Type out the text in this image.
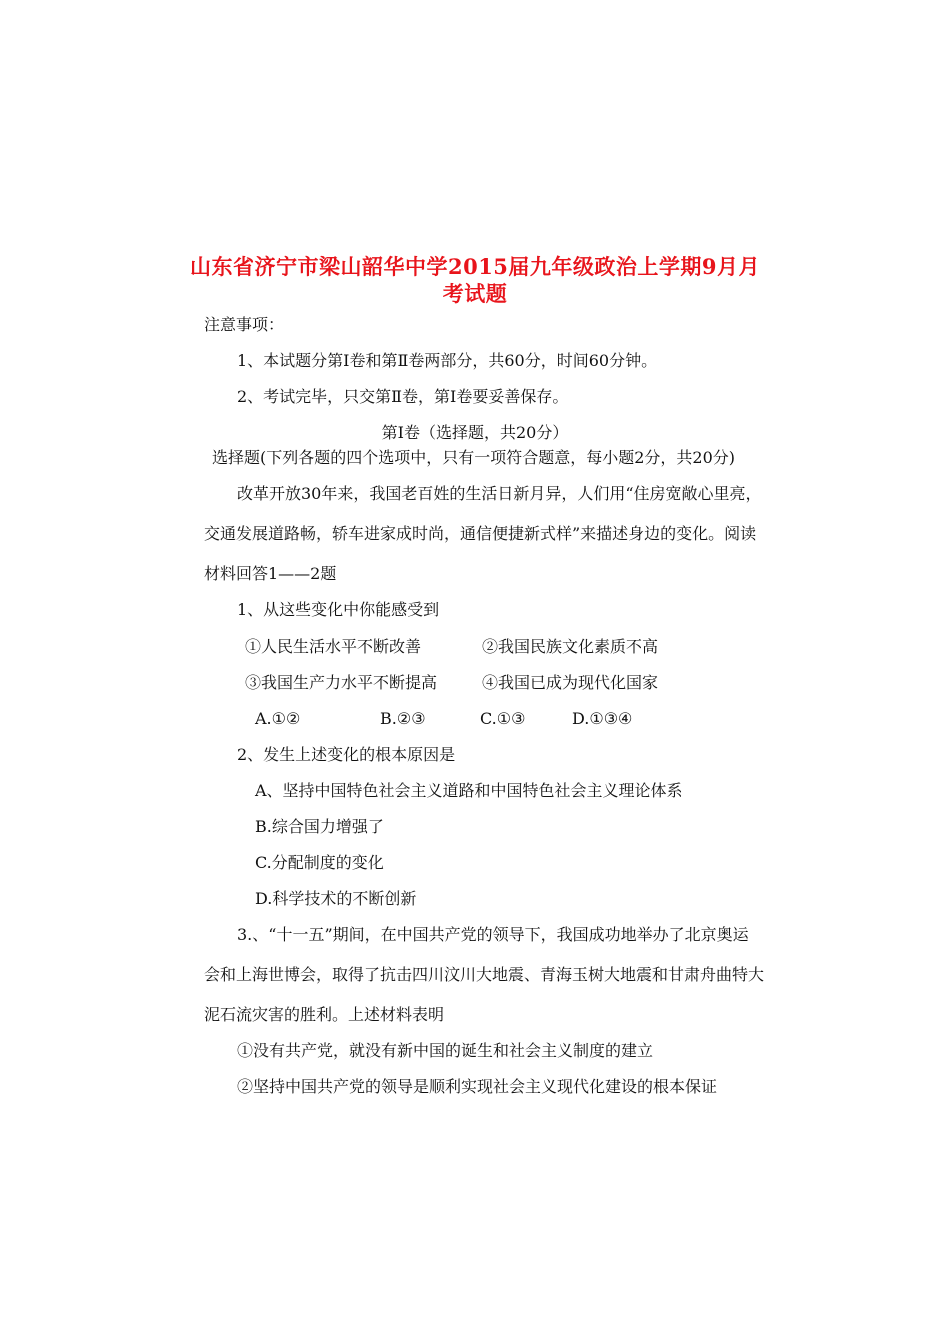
山东省济宁市梁山韶华中学2015届九年级政治上学期9月月
考试题
注意事项：
1、本试题分第Ⅰ卷和第Ⅱ卷两部分，共60分，时间60分钟。
2、考试完毕，只交第Ⅱ卷，第Ⅰ卷要妥善保存。
第Ⅰ卷（选择题，共20分）
选择题(下列各题的四个选项中，只有一项符合题意，每小题2分，共20分)
改革开放30年来，我国老百姓的生活日新月异，人们用“住房宽敞心里亮，
交通发展道路畅，轿车进家成时尚，通信便捷新式样”来描述身边的变化。阅读
材料回答1——2题
1、从这些变化中你能感受到
①人民生活水平不断改善	②我国民族文化素质不高
③我国生产力水平不断提高	④我国已成为现代化国家
A.①②	B.②③	C.①③	D.①③④
2、发生上述变化的根本原因是
A、坚持中国特色社会主义道路和中国特色社会主义理论体系
B.综合国力增强了
C.分配制度的变化
D.科学技术的不断创新
3.、“十一五”期间，在中国共产党的领导下，我国成功地举办了北京奥运
会和上海世博会，取得了抗击四川汶川大地震、青海玉树大地震和甘肃舟曲特大
泥石流灾害的胜利。上述材料表明
①没有共产党，就没有新中国的诞生和社会主义制度的建立
②坚持中国共产党的领导是顺利实现社会主义现代化建设的根本保证
